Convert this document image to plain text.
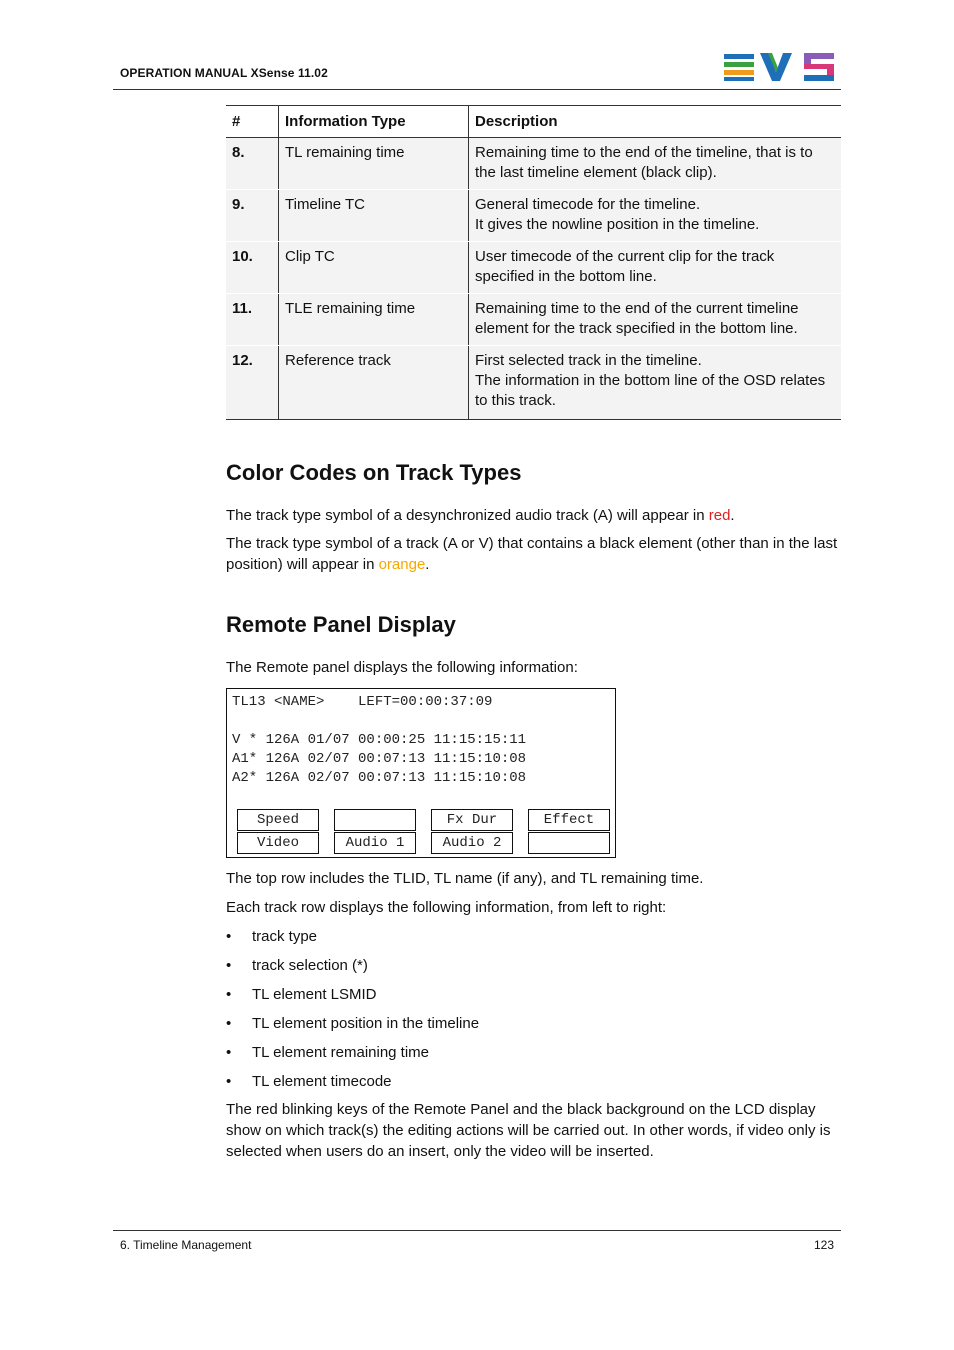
OPERATION MANUAL XSense 11.02
#	Information Type	Description
8.	TL remaining time	Remaining time to the end of the timeline, that is to
the last timeline element (black clip).

9.	Timeline TC	General timecode for the timeline.
It gives the nowline position in the timeline.

10.	Clip TC	User timecode of the current clip for the track
specified in the bottom line.

11.	TLE remaining time	Remaining time to the end of the current timeline
element for the track specified in the bottom line.

12.	Reference track	First selected track in the timeline.
The information in the bottom line of the OSD relates
to this track.
Color Codes on Track Types

The track type symbol of a desynchronized audio track (A) will appear in red.

The track type symbol of a track (A or V) that contains a black element (other than in the last position) will appear in orange.

Remote Panel Display

The Remote panel displays the following information:

TL13 <NAME>    LEFT=00:00:37:09
V * 126A 01/07 00:00:25 11:15:15:11
A1* 126A 02/07 00:07:13 11:15:10:08
A2* 126A 02/07 00:07:13 11:15:10:08
Speed	Fx Dur	Effect
Video	Audio 1	Audio 2

The top row includes the TLID, TL name (if any), and TL remaining time.

Each track row displays the following information, from left to right:

• track type
• track selection (*)
• TL element LSMID
• TL element position in the timeline
• TL element remaining time
• TL element timecode

The red blinking keys of the Remote Panel and the black background on the LCD display show on which track(s) the editing actions will be carried out. In other words, if video only is selected when users do an insert, only the video will be inserted.

6. Timeline Management	123
